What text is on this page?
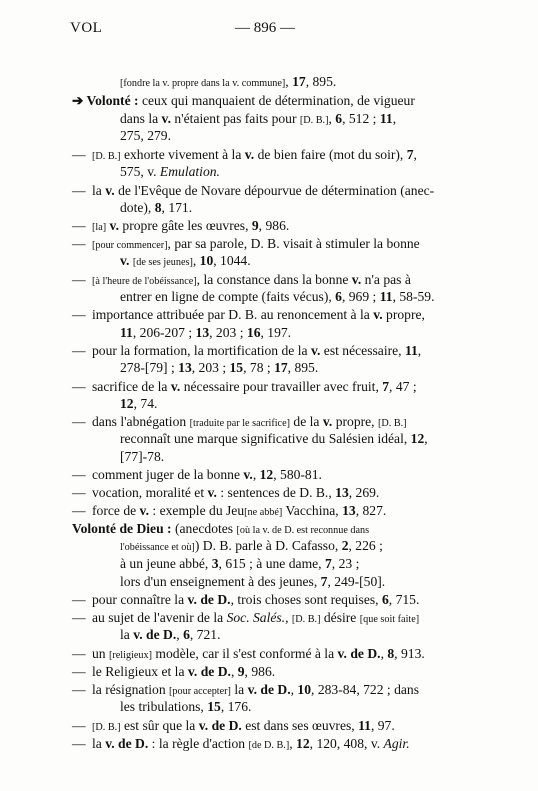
VOL	— 896 —
[fondre la v. propre dans la v. commune], 17, 895.
➔ Volonté : ceux qui manquaient de détermination, de vigueur
dans la v. n'étaient pas faits pour [D. B.], 6, 512 ; 11,
275, 279.
— [D. B.] exhorte vivement à la v. de bien faire (mot du soir), 7,
575, v. Emulation.
— la v. de l'Evêque de Novare dépourvue de détermination (anec-
dote), 8, 171.
— [la] v. propre gâte les œuvres, 9, 986.
— [pour commencer], par sa parole, D. B. visait à stimuler la bonne
v. [de ses jeunes], 10, 1044.
— [à l'heure de l'obéissance], la constance dans la bonne v. n'a pas à
entrer en ligne de compte (faits vécus), 6, 969 ; 11, 58-59.
— importance attribuée par D. B. au renoncement à la v. propre,
11, 206-207 ; 13, 203 ; 16, 197.
— pour la formation, la mortification de la v. est nécessaire, 11,
278-[79] ; 13, 203 ; 15, 78 ; 17, 895.
— sacrifice de la v. nécessaire pour travailler avec fruit, 7, 47 ;
12, 74.
— dans l'abnégation [traduite par le sacrifice] de la v. propre, [D. B.]
reconnaît une marque significative du Salésien idéal, 12,
[77]-78.
— comment juger de la bonne v., 12, 580-81.
— vocation, moralité et v. : sentences de D. B., 13, 269.
— force de v. : exemple du Jeu[ne abbé] Vacchina, 13, 827.
Volonté de Dieu : (anecdotes [où la v. de D. est reconnue dans
l'obéissance et où]) D. B. parle à D. Cafasso, 2, 226 ;
à un jeune abbé, 3, 615 ; à une dame, 7, 23 ;
lors d'un enseignement à des jeunes, 7, 249-[50].
— pour connaître la v. de D., trois choses sont requises, 6, 715.
— au sujet de l'avenir de la Soc. Salés., [D. B.] désire [que soit faite]
la v. de D., 6, 721.
— un [religieux] modèle, car il s'est conformé à la v. de D., 8, 913.
— le Religieux et la v. de D., 9, 986.
— la résignation [pour accepter] la v. de D., 10, 283-84, 722 ; dans
les tribulations, 15, 176.
— [D. B.] est sûr que la v. de D. est dans ses œuvres, 11, 97.
— la v. de D. : la règle d'action [de D. B.], 12, 120, 408, v. Agir.
